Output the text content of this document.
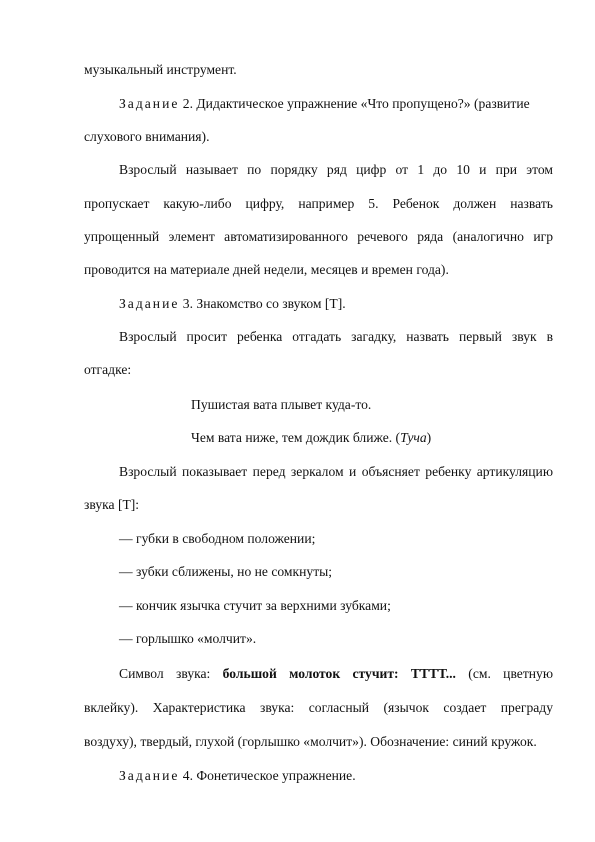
музыкальный инструмент.
Задание 2. Дидактическое упражнение «Что пропущено?» (развитие
слухового внимания).
Взрослый называет по порядку ряд цифр от 1 до 10 и при этом
пропускает какую-либо цифру, например 5. Ребенок должен назвать
упрощенный элемент автоматизированного речевого ряда (аналогично игр
проводится на материале дней недели, месяцев и времен года).
Задание 3. Знакомство со звуком [Т].
Взрослый просит ребенка отгадать загадку, назвать первый звук в
отгадке:
Пушистая вата плывет куда-то.
Чем вата ниже, тем дождик ближе. (Туча)
Взрослый показывает перед зеркалом и объясняет ребенку артикуляцию
звука [Т]:
— губки в свободном положении;
— зубки сближены, но не сомкнуты;
— кончик язычка стучит за верхними зубками;
— горлышко «молчит».
Символ звука: большой молоток стучит: ТТТТ... (см. цветную
вклейку). Характеристика звука: согласный (язычок создает преграду
воздуху), твердый, глухой (горлышко «молчит»). Обозначение: синий кружок.
Задание 4. Фонетическое упражнение.
